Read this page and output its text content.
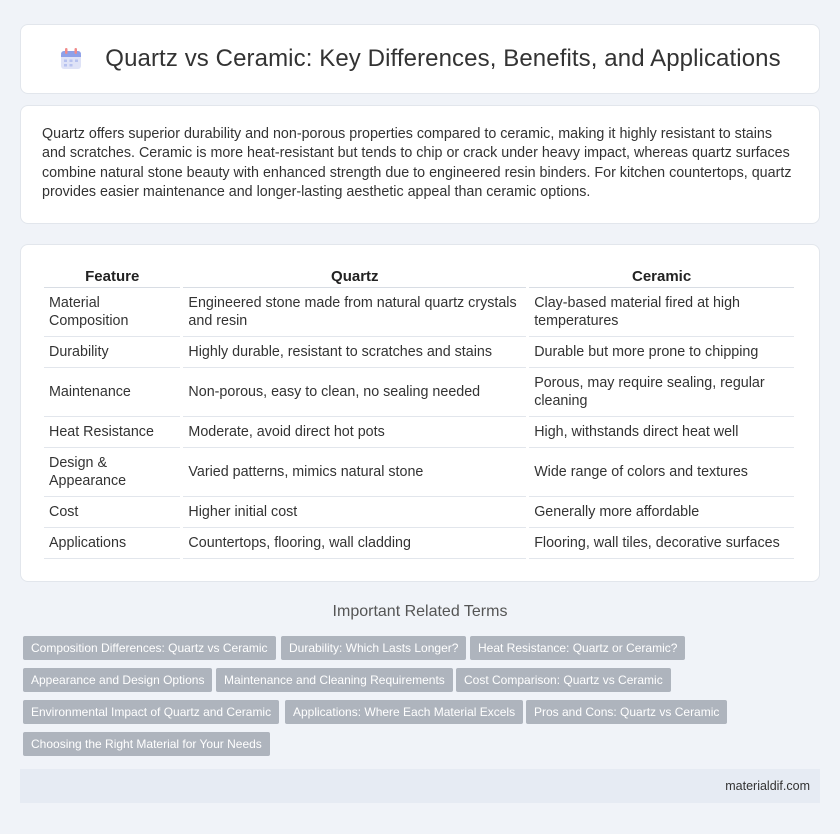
Quartz vs Ceramic: Key Differences, Benefits, and Applications

Quartz offers superior durability and non-porous properties compared to ceramic, making it highly resistant to stains and scratches. Ceramic is more heat-resistant but tends to chip or crack under heavy impact, whereas quartz surfaces combine natural stone beauty with enhanced strength due to engineered resin binders. For kitchen countertops, quartz provides easier maintenance and longer-lasting aesthetic appeal than ceramic options.

Feature	Quartz	Ceramic
Material Composition	Engineered stone made from natural quartz crystals and resin	Clay-based material fired at high temperatures
Durability	Highly durable, resistant to scratches and stains	Durable but more prone to chipping
Maintenance	Non-porous, easy to clean, no sealing needed	Porous, may require sealing, regular cleaning
Heat Resistance	Moderate, avoid direct hot pots	High, withstands direct heat well
Design & Appearance	Varied patterns, mimics natural stone	Wide range of colors and textures
Cost	Higher initial cost	Generally more affordable
Applications	Countertops, flooring, wall cladding	Flooring, wall tiles, decorative surfaces
Important Related Terms
Composition Differences: Quartz vs Ceramic	Durability: Which Lasts Longer?	Heat Resistance: Quartz or Ceramic?
Appearance and Design Options	Maintenance and Cleaning Requirements	Cost Comparison: Quartz vs Ceramic
Environmental Impact of Quartz and Ceramic	Applications: Where Each Material Excels	Pros and Cons: Quartz vs Ceramic
Choosing the Right Material for Your Needs
materialdif.com
